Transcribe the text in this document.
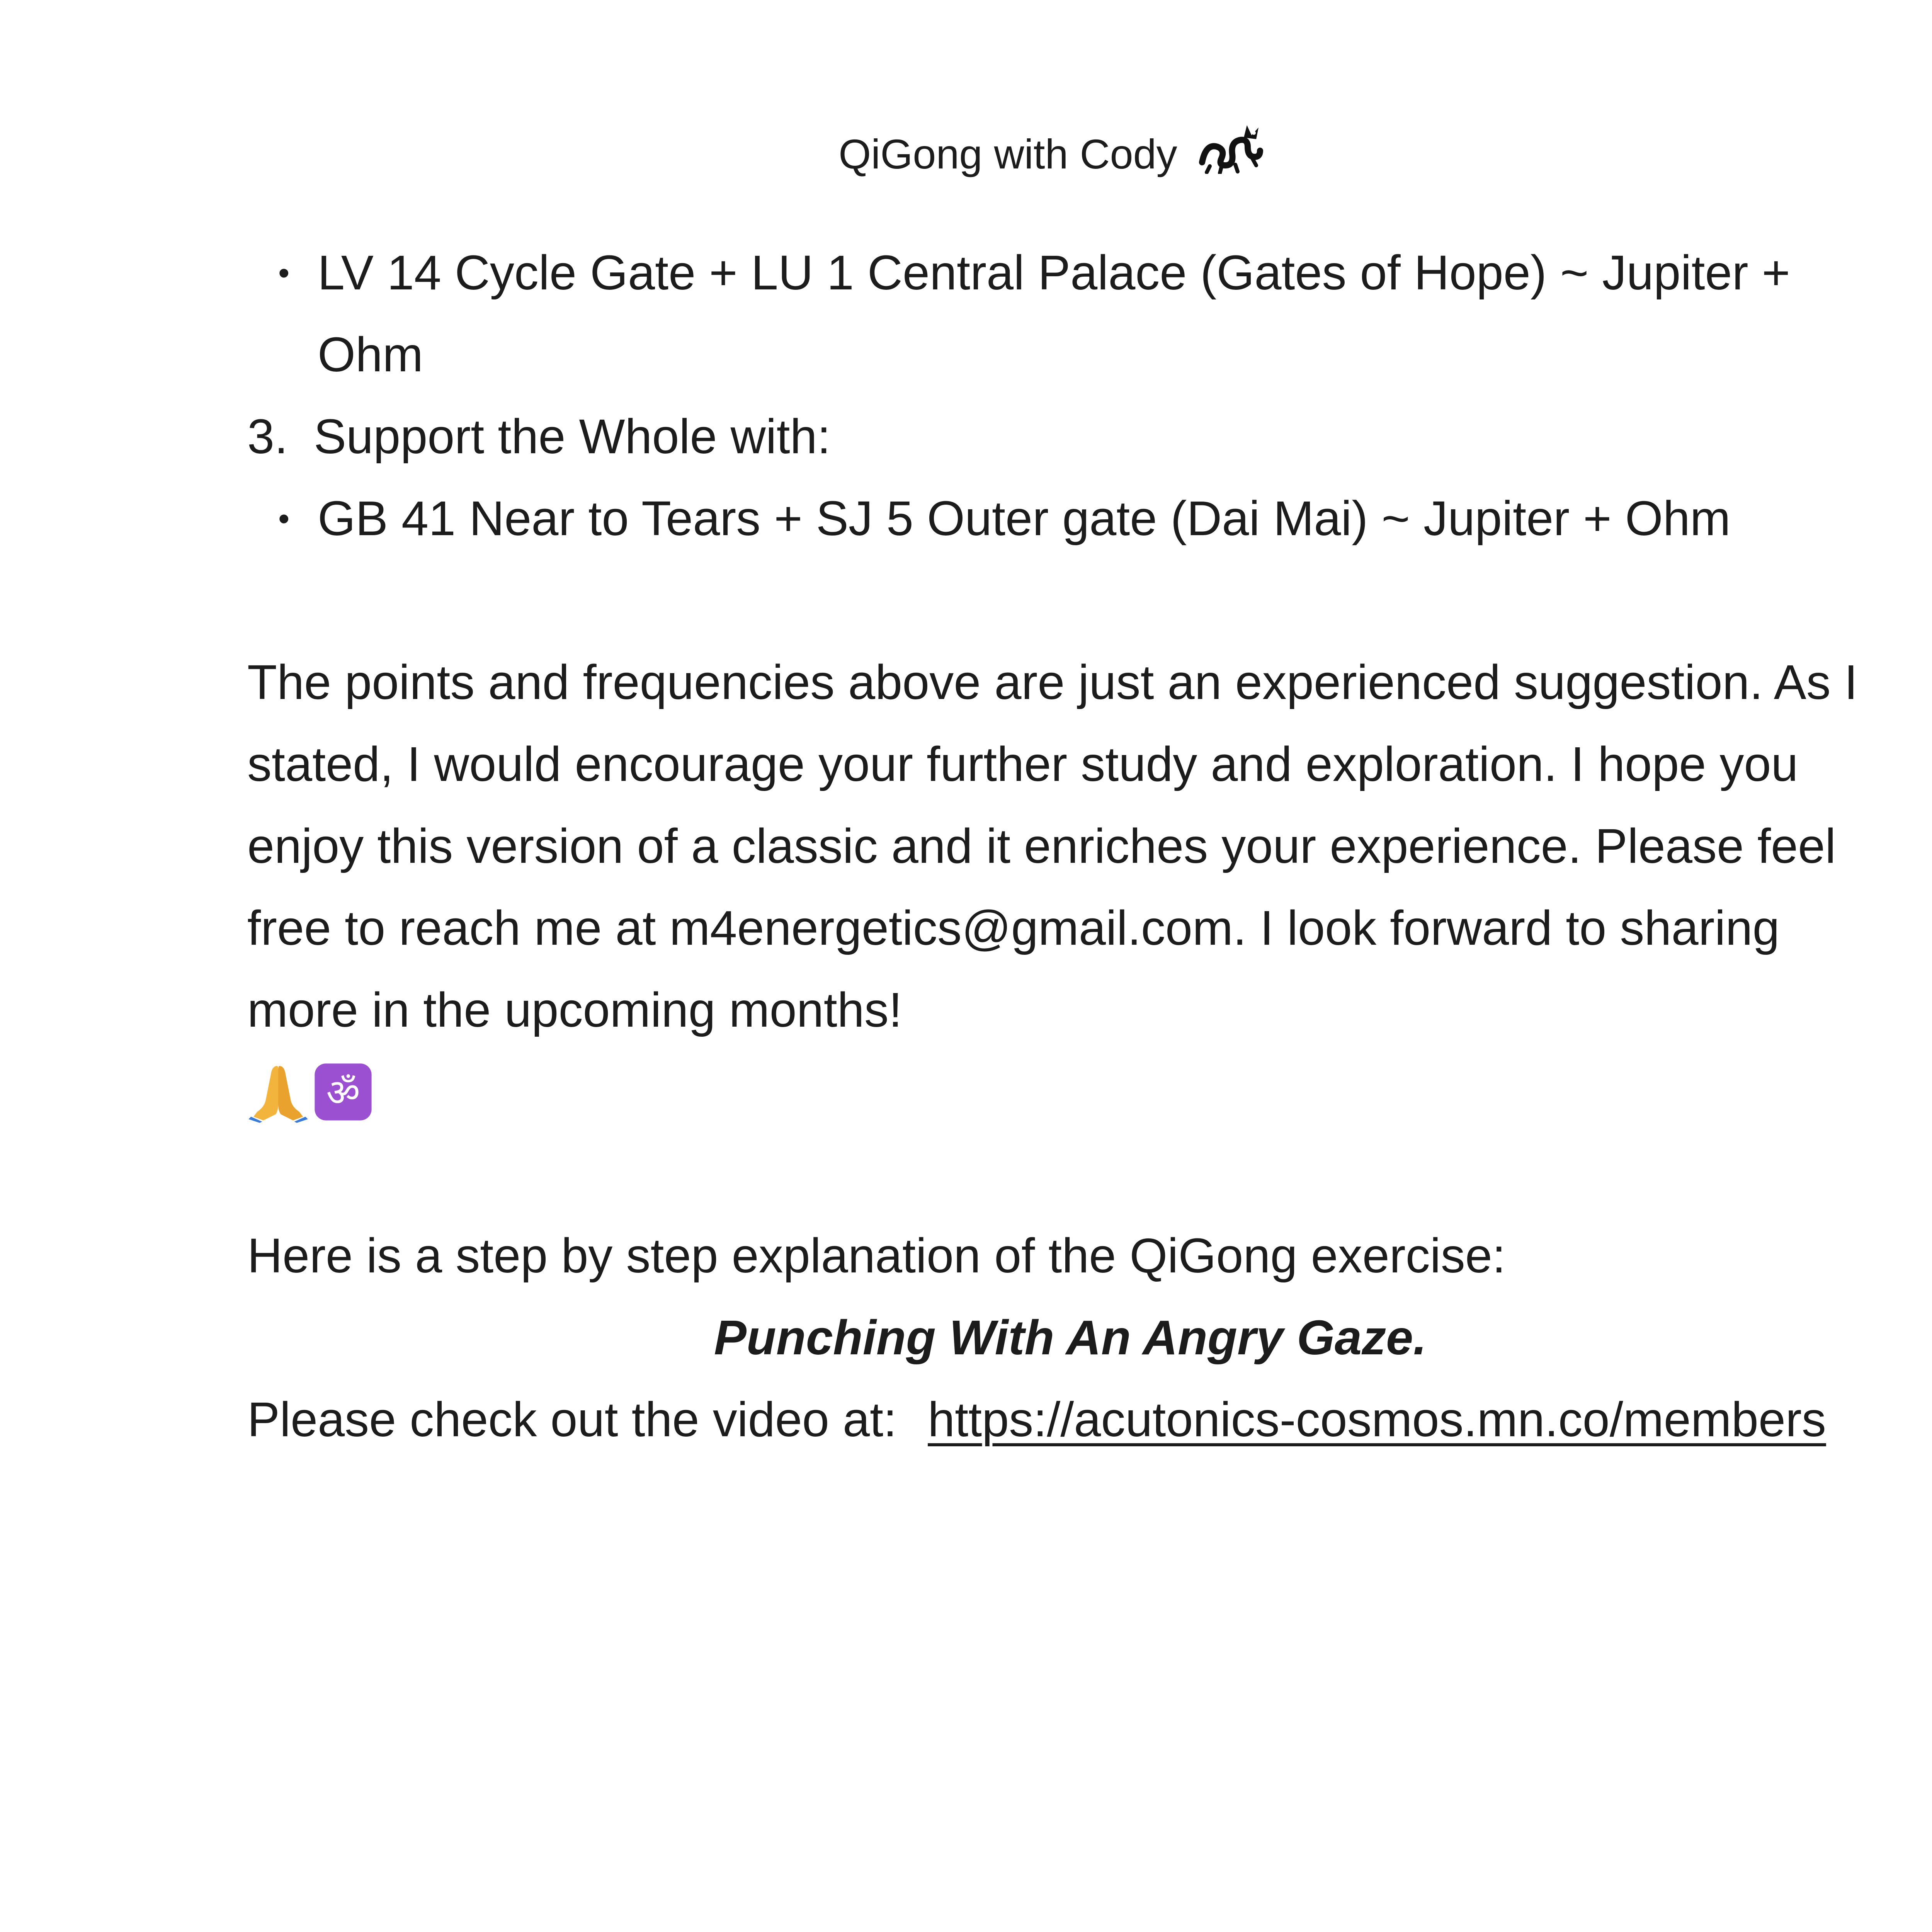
QiGong with Cody
• LV 14 Cycle Gate + LU 1 Central Palace (Gates of Hope) ~ Jupiter + Ohm
3. Support the Whole with:
• GB 41 Near to Tears + SJ 5 Outer gate (Dai Mai) ~ Jupiter + Ohm

The points and frequencies above are just an experienced suggestion. As I stated, I would encourage your further study and exploration. I hope you enjoy this version of a classic and it enriches your experience. Please feel free to reach me at m4energetics@gmail.com. I look forward to sharing more in the upcoming months!

ॐ
Here is a step by step explanation of the QiGong exercise:
Punching With An Angry Gaze.
Please check out the video at: https://acutonics-cosmos.mn.co/members
